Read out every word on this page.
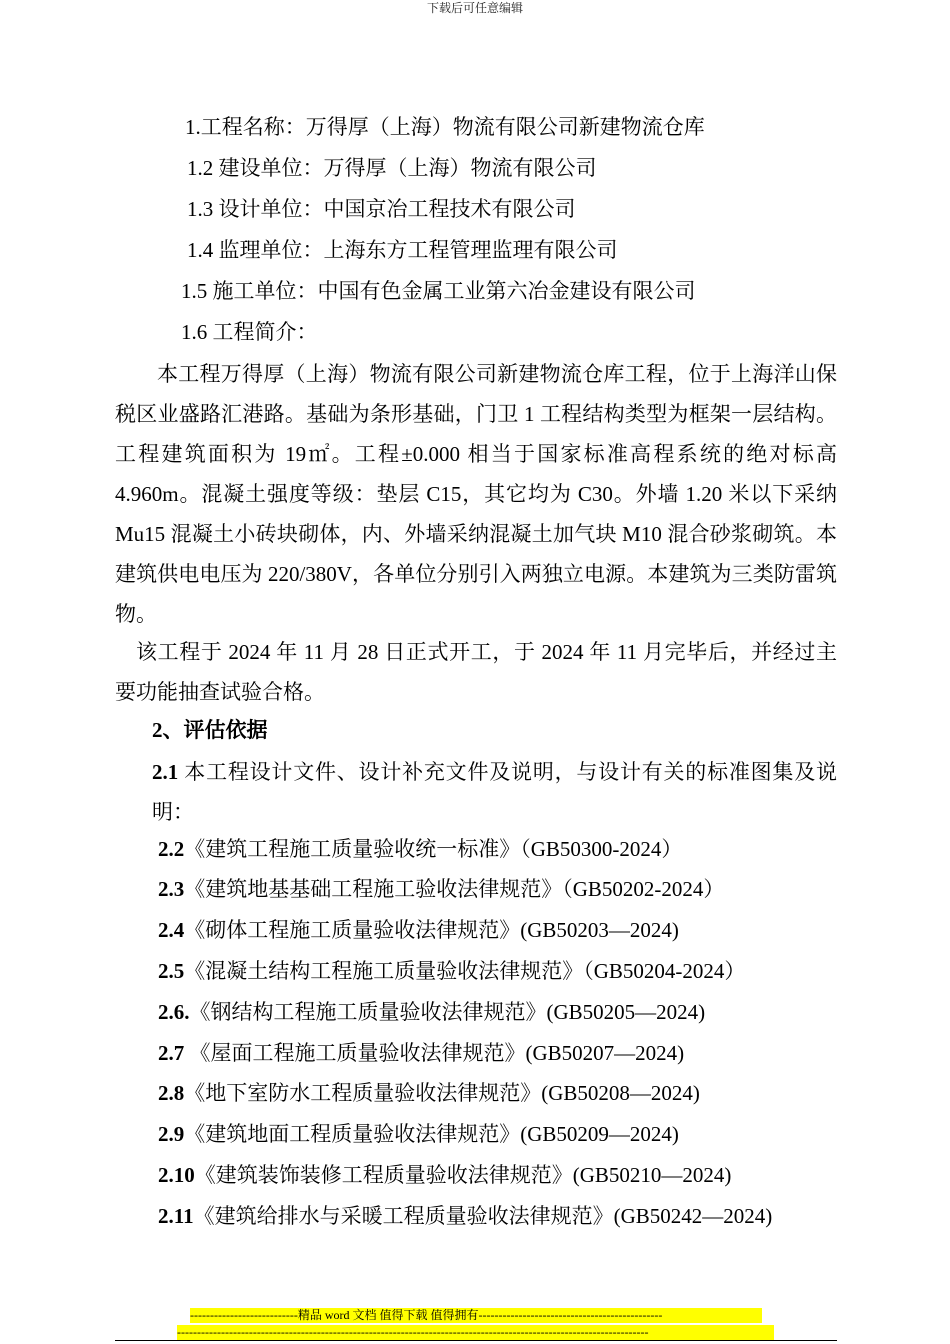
下载后可任意编辑
1.工程名称：万得厚（上海）物流有限公司新建物流仓库
1.2 建设单位：万得厚（上海）物流有限公司
1.3 设计单位：中国京冶工程技术有限公司
1.4 监理单位：上海东方工程管理监理有限公司
1.5 施工单位：中国有色金属工业第六冶金建设有限公司
1.6 工程简介：
本工程万得厚（上海）物流有限公司新建物流仓库工程，位于上海洋山保税区业盛路汇港路。基础为条形基础，门卫 1 工程结构类型为框架一层结构。工程建筑面积为 19㎡。工程±0.000 相当于国家标准高程系统的绝对标高 4.960m。混凝土强度等级：垫层 C15，其它均为 C30。外墙 1.20 米以下采纳 Mu15 混凝土小砖块砌体，内、外墙采纳混凝土加气块 M10 混合砂浆砌筑。本建筑供电电压为 220/380V，各单位分别引入两独立电源。本建筑为三类防雷筑物。
该工程于 2024 年 11 月 28 日正式开工，于 2024 年 11 月完毕后，并经过主要功能抽查试验合格。
2、评估依据
2.1 本工程设计文件、设计补充文件及说明，与设计有关的标准图集及说明：
2.2《建筑工程施工质量验收统一标准》（GB50300-2024）
2.3《建筑地基基础工程施工验收法律规范》（GB50202-2024）
2.4《砌体工程施工质量验收法律规范》(GB50203—2024)
2.5《混凝土结构工程施工质量验收法律规范》（GB50204-2024）
2.6.《钢结构工程施工质量验收法律规范》(GB50205—2024)
2.7 《屋面工程施工质量验收法律规范》(GB50207—2024)
2.8《地下室防水工程质量验收法律规范》(GB50208—2024)
2.9《建筑地面工程质量验收法律规范》(GB50209—2024)
2.10《建筑装饰装修工程质量验收法律规范》(GB50210—2024)
2.11《建筑给排水与采暖工程质量验收法律规范》(GB50242—2024)
---------------------------精品 word 文档 值得下载 值得拥有----------------------------------------------
----------------------------------------------------------------------------------------------------------------------
